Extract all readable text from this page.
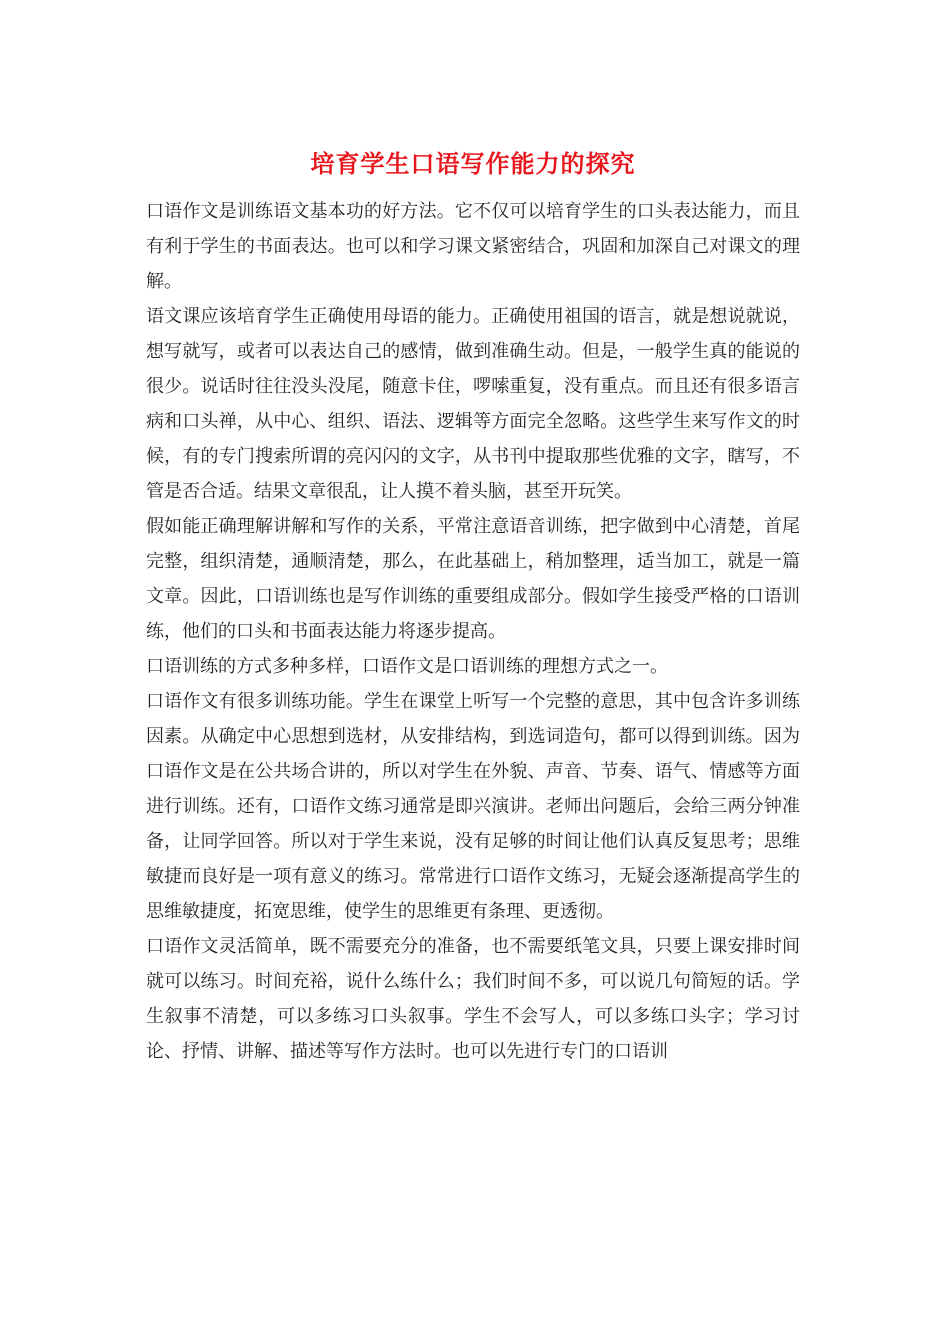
培育学生口语写作能力的探究

口语作文是训练语文基本功的好方法。它不仅可以培育学生的口头表达能力，而且有利于学生的书面表达。也可以和学习课文紧密结合，巩固和加深自己对课文的理解。

语文课应该培育学生正确使用母语的能力。正确使用祖国的语言，就是想说就说，想写就写，或者可以表达自己的感情，做到准确生动。但是，一般学生真的能说的很少。说话时往往没头没尾，随意卡住，啰嗦重复，没有重点。而且还有很多语言病和口头禅，从中心、组织、语法、逻辑等方面完全忽略。这些学生来写作文的时候，有的专门搜索所谓的亮闪闪的文字，从书刊中提取那些优雅的文字，瞎写，不管是否合适。结果文章很乱，让人摸不着头脑，甚至开玩笑。

假如能正确理解讲解和写作的关系，平常注意语音训练，把字做到中心清楚，首尾完整，组织清楚，通顺清楚，那么，在此基础上，稍加整理，适当加工，就是一篇文章。因此，口语训练也是写作训练的重要组成部分。假如学生接受严格的口语训练，他们的口头和书面表达能力将逐步提高。

口语训练的方式多种多样，口语作文是口语训练的理想方式之一。

口语作文有很多训练功能。学生在课堂上听写一个完整的意思，其中包含许多训练因素。从确定中心思想到选材，从安排结构，到选词造句，都可以得到训练。因为口语作文是在公共场合讲的，所以对学生在外貌、声音、节奏、语气、情感等方面进行训练。还有，口语作文练习通常是即兴演讲。老师出问题后，会给三两分钟准备，让同学回答。所以对于学生来说，没有足够的时间让他们认真反复思考；思维敏捷而良好是一项有意义的练习。常常进行口语作文练习，无疑会逐渐提高学生的思维敏捷度，拓宽思维，使学生的思维更有条理、更透彻。

口语作文灵活简单，既不需要充分的准备，也不需要纸笔文具，只要上课安排时间就可以练习。时间充裕，说什么练什么；我们时间不多，可以说几句简短的话。学生叙事不清楚，可以多练习口头叙事。学生不会写人，可以多练口头字；学习讨论、抒情、讲解、描述等写作方法时。也可以先进行专门的口语训
